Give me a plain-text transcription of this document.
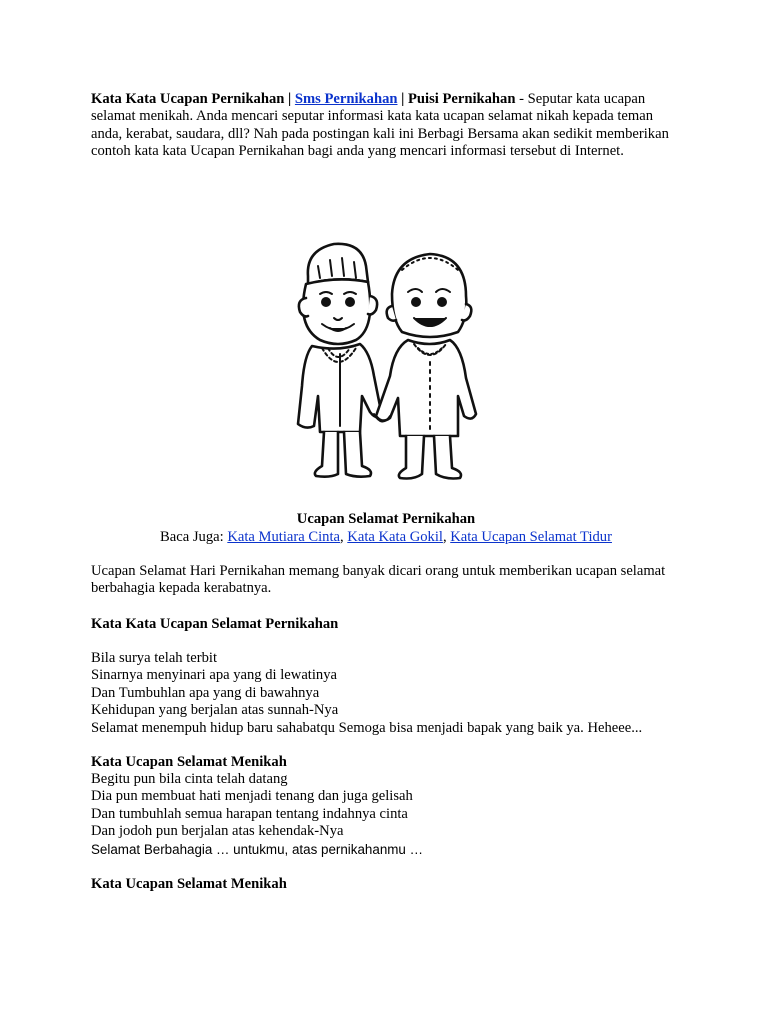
Kata Kata Ucapan Pernikahan | Sms Pernikahan | Puisi Pernikahan - Seputar kata ucapan selamat menikah. Anda mencari seputar informasi kata kata ucapan selamat nikah kepada teman anda, kerabat, saudara, dll? Nah pada postingan kali ini Berbagi Bersama akan sedikit memberikan contoh kata kata Ucapan Pernikahan bagi anda yang mencari informasi tersebut di Internet.

Ucapan Selamat Pernikahan

Baca Juga: Kata Mutiara Cinta, Kata Kata Gokil, Kata Ucapan Selamat Tidur

Ucapan Selamat Hari Pernikahan memang banyak dicari orang untuk memberikan ucapan selamat berbahagia kepada kerabatnya.

Kata Kata Ucapan Selamat Pernikahan

Bila surya telah terbit
Sinarnya menyinari apa yang di lewatinya
Dan Tumbuhlan apa yang di bawahnya
Kehidupan yang berjalan atas sunnah-Nya
Selamat menempuh hidup baru sahabatqu Semoga bisa menjadi bapak yang baik ya. Heheee...

Kata Ucapan Selamat Menikah

Begitu pun bila cinta telah datang
Dia pun membuat hati menjadi tenang dan juga gelisah
Dan tumbuhlah semua harapan tentang indahnya cinta
Dan jodoh pun berjalan atas kehendak-Nya
Selamat Berbahagia … untukmu, atas pernikahanmu …

Kata Ucapan Selamat Menikah
